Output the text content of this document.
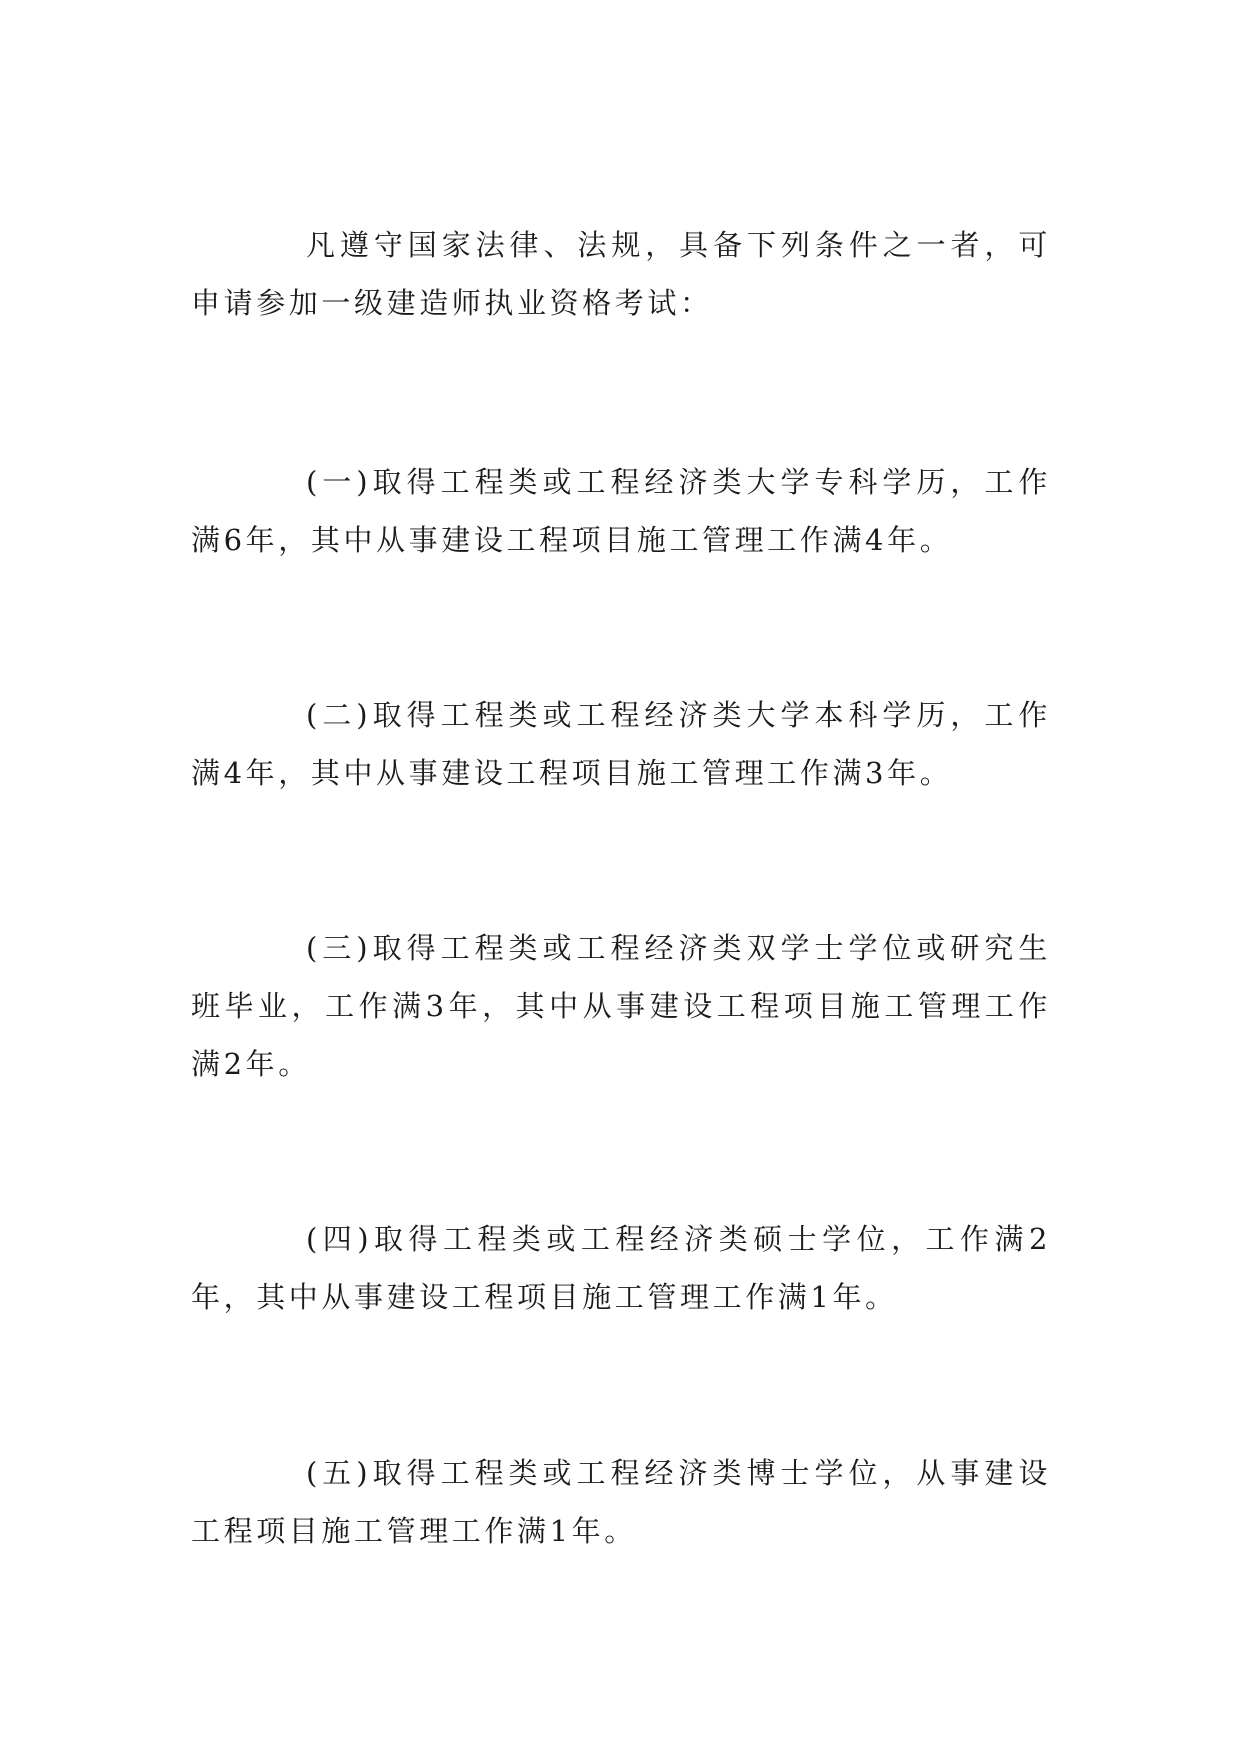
凡遵守国家法律、法规，具备下列条件之一者，可申请参加一级建造师执业资格考试：

(一)取得工程类或工程经济类大学专科学历，工作满6年，其中从事建设工程项目施工管理工作满4年。

(二)取得工程类或工程经济类大学本科学历，工作满4年，其中从事建设工程项目施工管理工作满3年。

(三)取得工程类或工程经济类双学士学位或研究生班毕业，工作满3年，其中从事建设工程项目施工管理工作满2年。

(四)取得工程类或工程经济类硕士学位，工作满2年，其中从事建设工程项目施工管理工作满1年。

(五)取得工程类或工程经济类博士学位，从事建设工程项目施工管理工作满1年。
